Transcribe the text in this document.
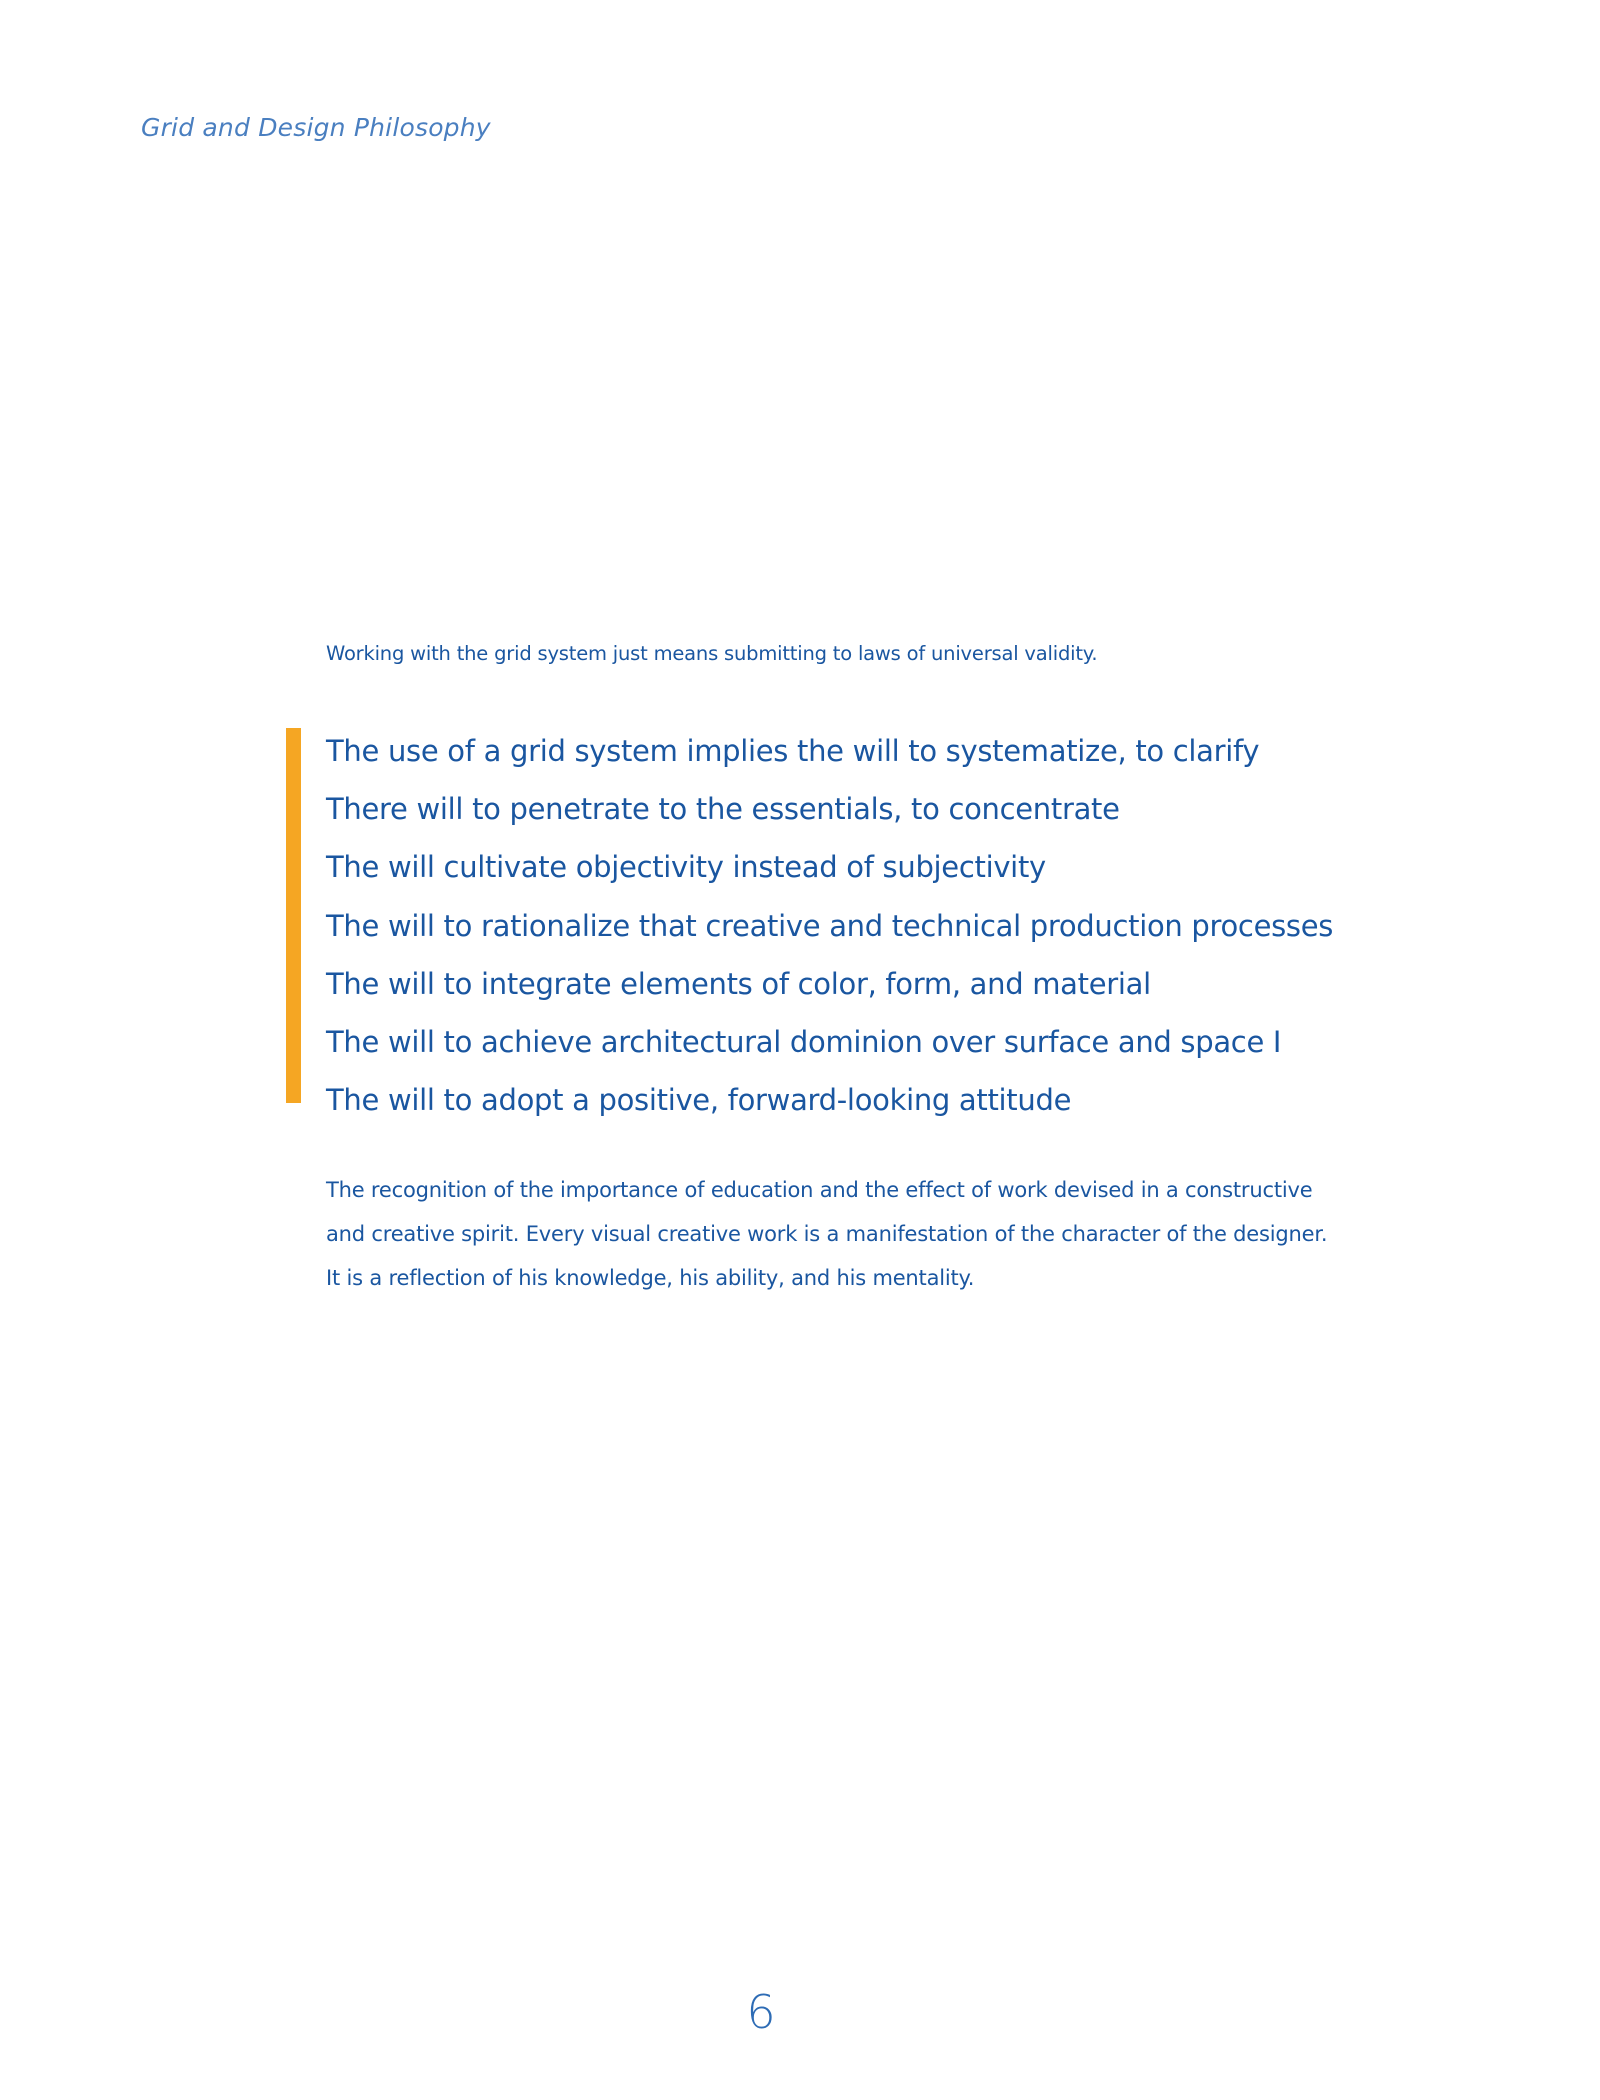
Grid and Design Philosophy
Working with the grid system just means submitting to laws of universal validity.
The use of a grid system implies the will to systematize, to clarify
There will to penetrate to the essentials, to concentrate
The will cultivate objectivity instead of subjectivity
The will to rationalize that creative and technical production processes
The will to integrate elements of color, form, and material
The will to achieve architectural dominion over surface and space I
The will to adopt a positive, forward-looking attitude
The recognition of the importance of education and the effect of work devised in a constructive
and creative spirit. Every visual creative work is a manifestation of the character of the designer.
It is a reflection of his knowledge, his ability, and his mentality.
6
